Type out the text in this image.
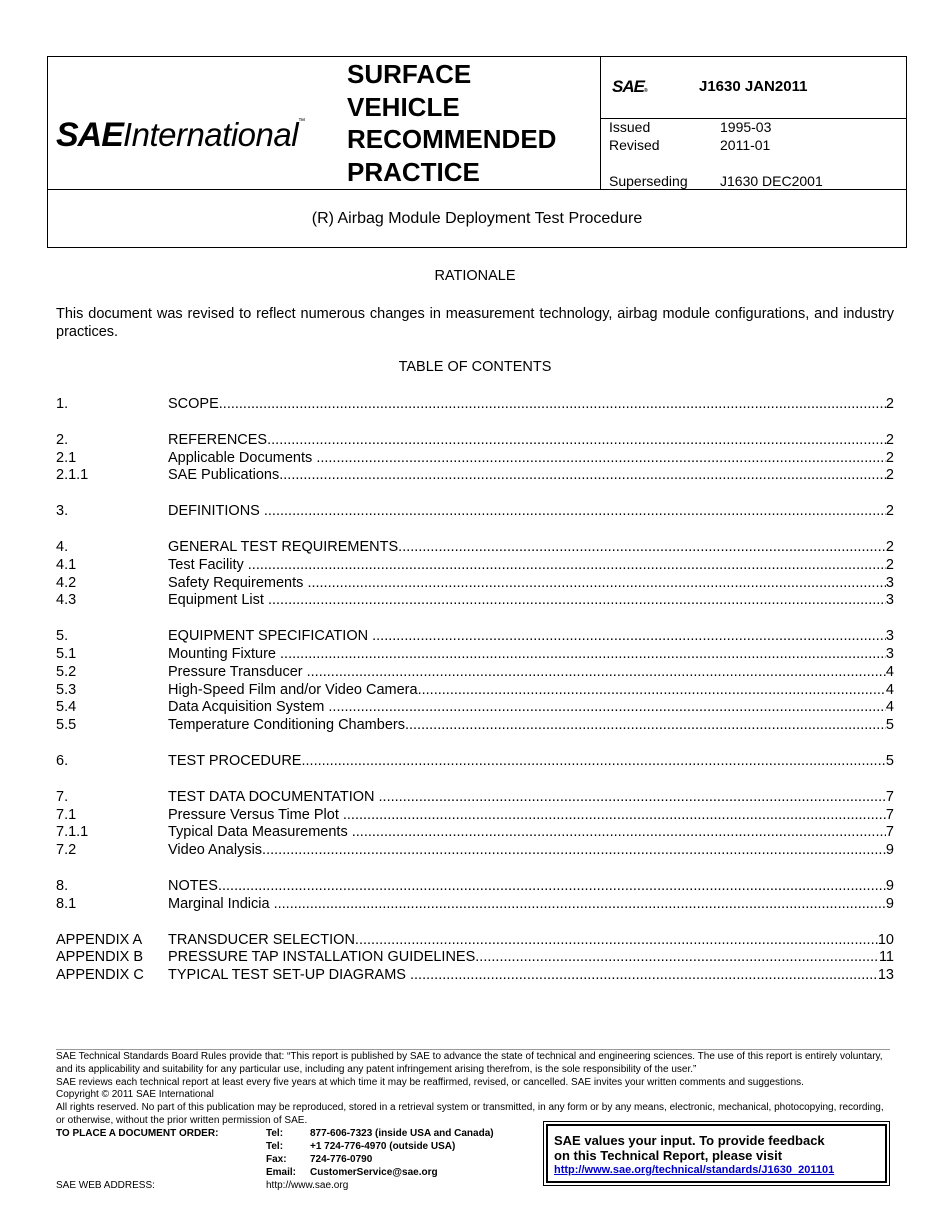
SAEInternational™
SURFACE
VEHICLE
RECOMMENDED
PRACTICE
SAE®	J1630 JAN2011
Issued	1995-03
Revised	2011-01
Superseding J1630 DEC2001
(R) Airbag Module Deployment Test Procedure
RATIONALE
This document was revised to reflect numerous changes in measurement technology, airbag module configurations, and industry practices.
TABLE OF CONTENTS
1.	SCOPE .....	2
2.	REFERENCES .....	2
2.1	Applicable Documents .....	2
2.1.1	SAE Publications .....	2
3.	DEFINITIONS .....	2
4.	GENERAL TEST REQUIREMENTS .....	2
4.1	Test Facility .....	2
4.2	Safety Requirements .....	3
4.3	Equipment List .....	3
5.	EQUIPMENT SPECIFICATION .....	3
5.1	Mounting Fixture .....	3
5.2	Pressure Transducer .....	4
5.3	High-Speed Film and/or Video Camera .....	4
5.4	Data Acquisition System .....	4
5.5	Temperature Conditioning Chambers .....	5
6.	TEST PROCEDURE .....	5
7.	TEST DATA DOCUMENTATION .....	7
7.1	Pressure Versus Time Plot .....	7
7.1.1	Typical Data Measurements .....	7
7.2	Video Analysis .....	9
8.	NOTES .....	9
8.1	Marginal Indicia .....	9
APPENDIX A TRANSDUCER SELECTION .....	10
APPENDIX B PRESSURE TAP INSTALLATION GUIDELINES .....	11
APPENDIX C TYPICAL TEST SET-UP DIAGRAMS .....	13
SAE Technical Standards Board Rules provide that: “This report is published by SAE to advance the state of technical and engineering sciences. The use of this report is entirely voluntary, and its applicability and suitability for any particular use, including any patent infringement arising therefrom, is the sole responsibility of the user.”
SAE reviews each technical report at least every five years at which time it may be reaffirmed, revised, or cancelled. SAE invites your written comments and suggestions.
Copyright © 2011 SAE International
All rights reserved. No part of this publication may be reproduced, stored in a retrieval system or transmitted, in any form or by any means, electronic, mechanical, photocopying, recording, or otherwise, without the prior written permission of SAE.
TO PLACE A DOCUMENT ORDER:	Tel:	877-606-7323 (inside USA and Canada)
Tel:	+1 724-776-4970 (outside USA)
Fax: 724-776-0790
Email: CustomerService@sae.org
SAE WEB ADDRESS:	http://www.sae.org
SAE values your input. To provide feedback
on this Technical Report, please visit
http://www.sae.org/technical/standards/J1630_201101
